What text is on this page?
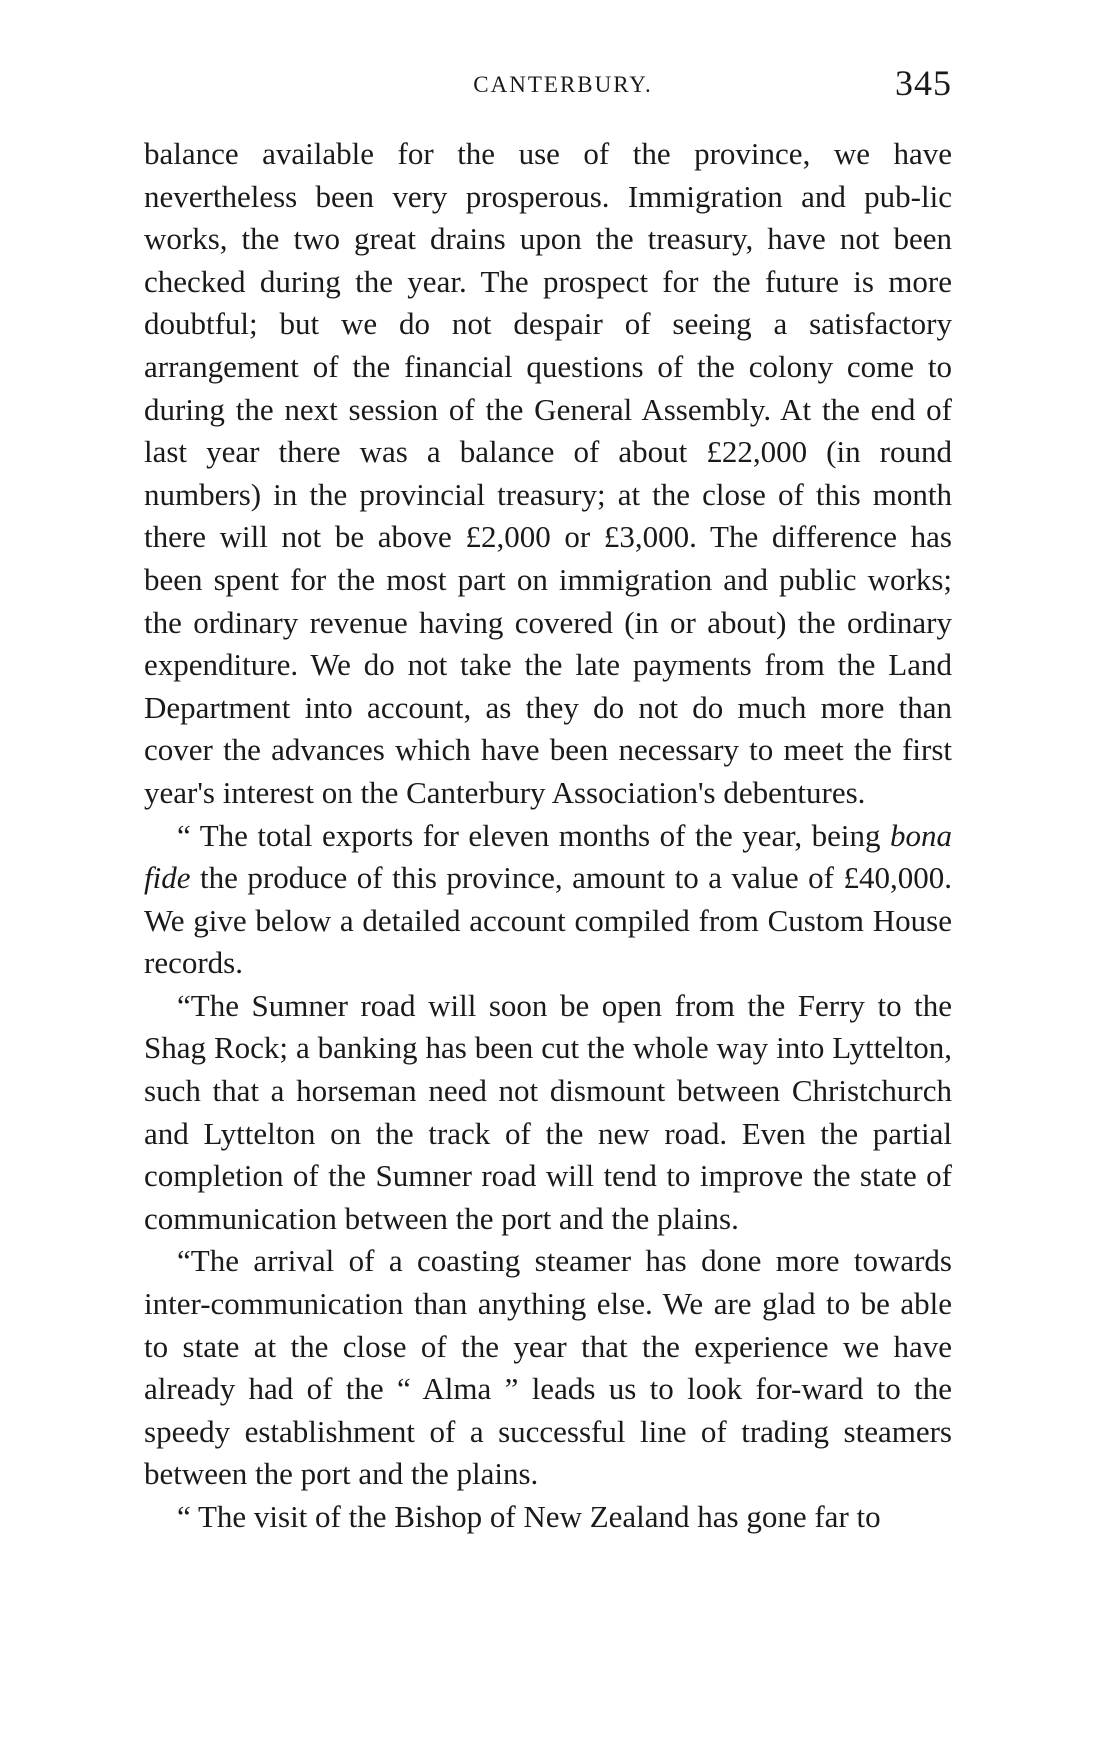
CANTERBURY.	345

balance available for the use of the province, we have nevertheless been very prosperous. Immigration and pub-lic works, the two great drains upon the treasury, have not been checked during the year. The prospect for the future is more doubtful; but we do not despair of seeing a satisfactory arrangement of the financial questions of the colony come to during the next session of the General Assembly. At the end of last year there was a balance of about £22,000 (in round numbers) in the provincial treasury; at the close of this month there will not be above £2,000 or £3,000. The difference has been spent for the most part on immigration and public works; the ordinary revenue having covered (in or about) the ordinary expenditure. We do not take the late payments from the Land Department into account, as they do not do much more than cover the advances which have been necessary to meet the first year's interest on the Canterbury Association's debentures.

“ The total exports for eleven months of the year, being bona fide the produce of this province, amount to a value of £40,000. We give below a detailed account compiled from Custom House records.

“The Sumner road will soon be open from the Ferry to the Shag Rock; a banking has been cut the whole way into Lyttelton, such that a horseman need not dismount between Christchurch and Lyttelton on the track of the new road. Even the partial completion of the Sumner road will tend to improve the state of communication between the port and the plains.

“The arrival of a coasting steamer has done more towards inter-communication than anything else. We are glad to be able to state at the close of the year that the experience we have already had of the “ Alma ” leads us to look for-ward to the speedy establishment of a successful line of trading steamers between the port and the plains.

“ The visit of the Bishop of New Zealand has gone far to
